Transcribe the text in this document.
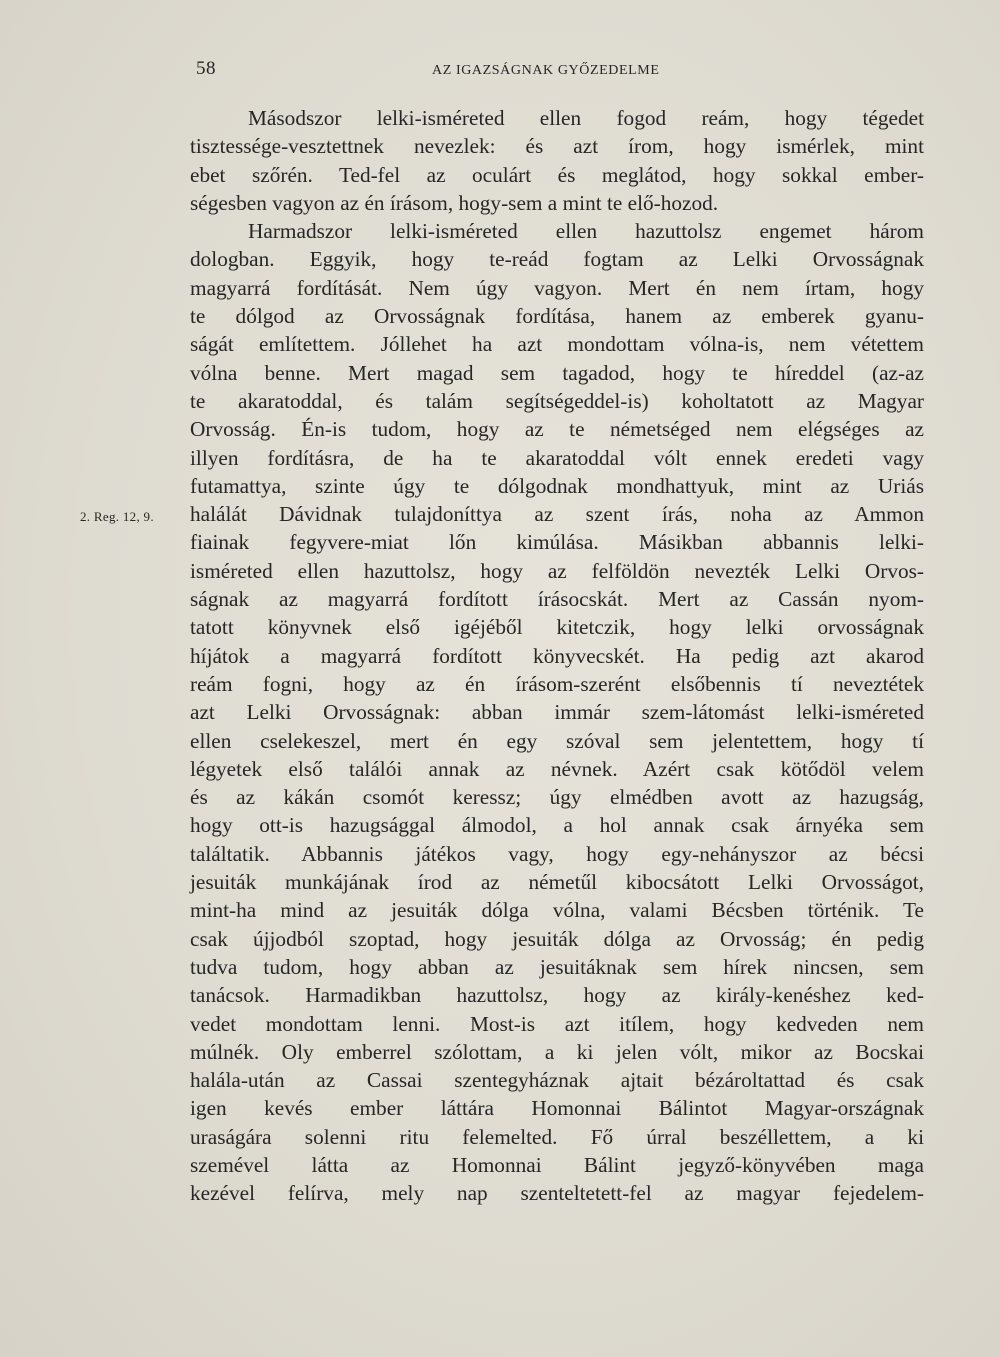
58	AZ IGAZSÁGNAK GYŐZEDELME
2. Reg. 12, 9.
Másodszor lelki-isméreted ellen fogod reám, hogy tégedet
tisztessége-vesztettnek nevezlek: és azt írom, hogy ismérlek, mint
ebet szőrén. Ted-fel az oculárt és meglátod, hogy sokkal ember-
ségesben vagyon az én írásom, hogy-sem a mint te elő-hozod.
Harmadszor lelki-isméreted ellen hazuttolsz engemet három
dologban. Eggyik, hogy te-reád fogtam az Lelki Orvosságnak
magyarrá fordítását. Nem úgy vagyon. Mert én nem írtam, hogy
te dólgod az Orvosságnak fordítása, hanem az emberek gyanu-
ságát említettem. Jóllehet ha azt mondottam vólna-is, nem vétettem
vólna benne. Mert magad sem tagadod, hogy te híreddel (az-az
te akaratoddal, és talám segítségeddel-is) koholtatott az Magyar
Orvosság. Én-is tudom, hogy az te németséged nem elégséges az
illyen fordításra, de ha te akaratoddal vólt ennek eredeti vagy
futamattya, szinte úgy te dólgodnak mondhattyuk, mint az Uriás
halálát Dávidnak tulajdoníttya az szent írás, noha az Ammon
fiainak fegyvere-miat lőn kimúlása. Másikban abbannis lelki-
isméreted ellen hazuttolsz, hogy az felföldön nevezték Lelki Orvos-
ságnak az magyarrá fordított írásocskát. Mert az Cassán nyom-
tatott könyvnek első igéjéből kitetczik, hogy lelki orvosságnak
híjátok a magyarrá fordított könyvecskét. Ha pedig azt akarod
reám fogni, hogy az én írásom-szerént elsőbennis tí neveztétek
azt Lelki Orvosságnak: abban immár szem-látomást lelki-isméreted
ellen cselekeszel, mert én egy szóval sem jelentettem, hogy tí
légyetek első találói annak az névnek. Azért csak kötődöl velem
és az kákán csomót keressz; úgy elmédben avott az hazugság,
hogy ott-is hazugsággal álmodol, a hol annak csak árnyéka sem
találtatik. Abbannis játékos vagy, hogy egy-nehányszor az bécsi
jesuiták munkájának írod az németűl kibocsátott Lelki Orvosságot,
mint-ha mind az jesuiták dólga vólna, valami Bécsben történik. Te
csak újjodból szoptad, hogy jesuiták dólga az Orvosság; én pedig
tudva tudom, hogy abban az jesuitáknak sem hírek nincsen, sem
tanácsok. Harmadikban hazuttolsz, hogy az király-kenéshez ked-
vedet mondottam lenni. Most-is azt itílem, hogy kedveden nem
múlnék. Oly emberrel szólottam, a ki jelen vólt, mikor az Bocskai
halála-után az Cassai szentegyháznak ajtait bézároltattad és csak
igen kevés ember láttára Homonnai Bálintot Magyar-országnak
uraságára solenni ritu felemelted. Fő úrral beszéllettem, a ki
szemével látta az Homonnai Bálint jegyző-könyvében maga
kezével felírva, mely nap szenteltetett-fel az magyar fejedelem-
